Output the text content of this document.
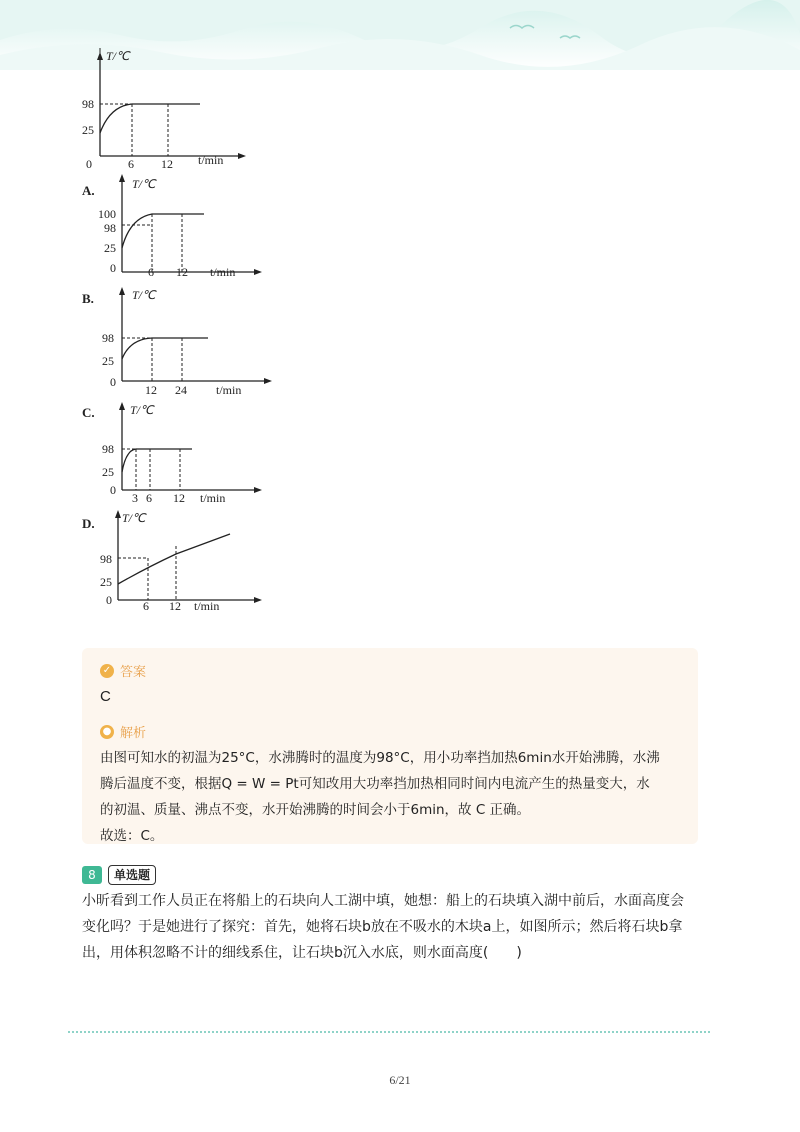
T/℃
t/min
0
98
25
6 12
A.	T/℃
t/min
0
100
98
25
6 12
B.	T/℃
t/min
0
98
25
12 24
C.	T/℃
t/min
0
98
25
3 6 12
D. T/℃
t/min
0
98
25
6 12
✓ 答案
C
● 解析

由图可知水的初温为25°C，水沸腾时的温度为98°C，用小功率挡加热6min水开始沸腾，水沸

腾后温度不变，根据Q = W = Pt可知改用大功率挡加热相同时间内电流产生的热量变大，水

的初温、质量、沸点不变，水开始沸腾的时间会小于6min，故 C 正确。

故选：C。

8	单选题
小昕看到工作人员正在将船上的石块向人工湖中填，她想：船上的石块填入湖中前后，水面高度会
变化吗？于是她进行了探究：首先，她将石块b放在不吸水的木块a上，如图所示；然后将石块b拿
出，用体积忽略不计的细线系住，让石块b沉入水底，则水面高度(　　)
6/21
